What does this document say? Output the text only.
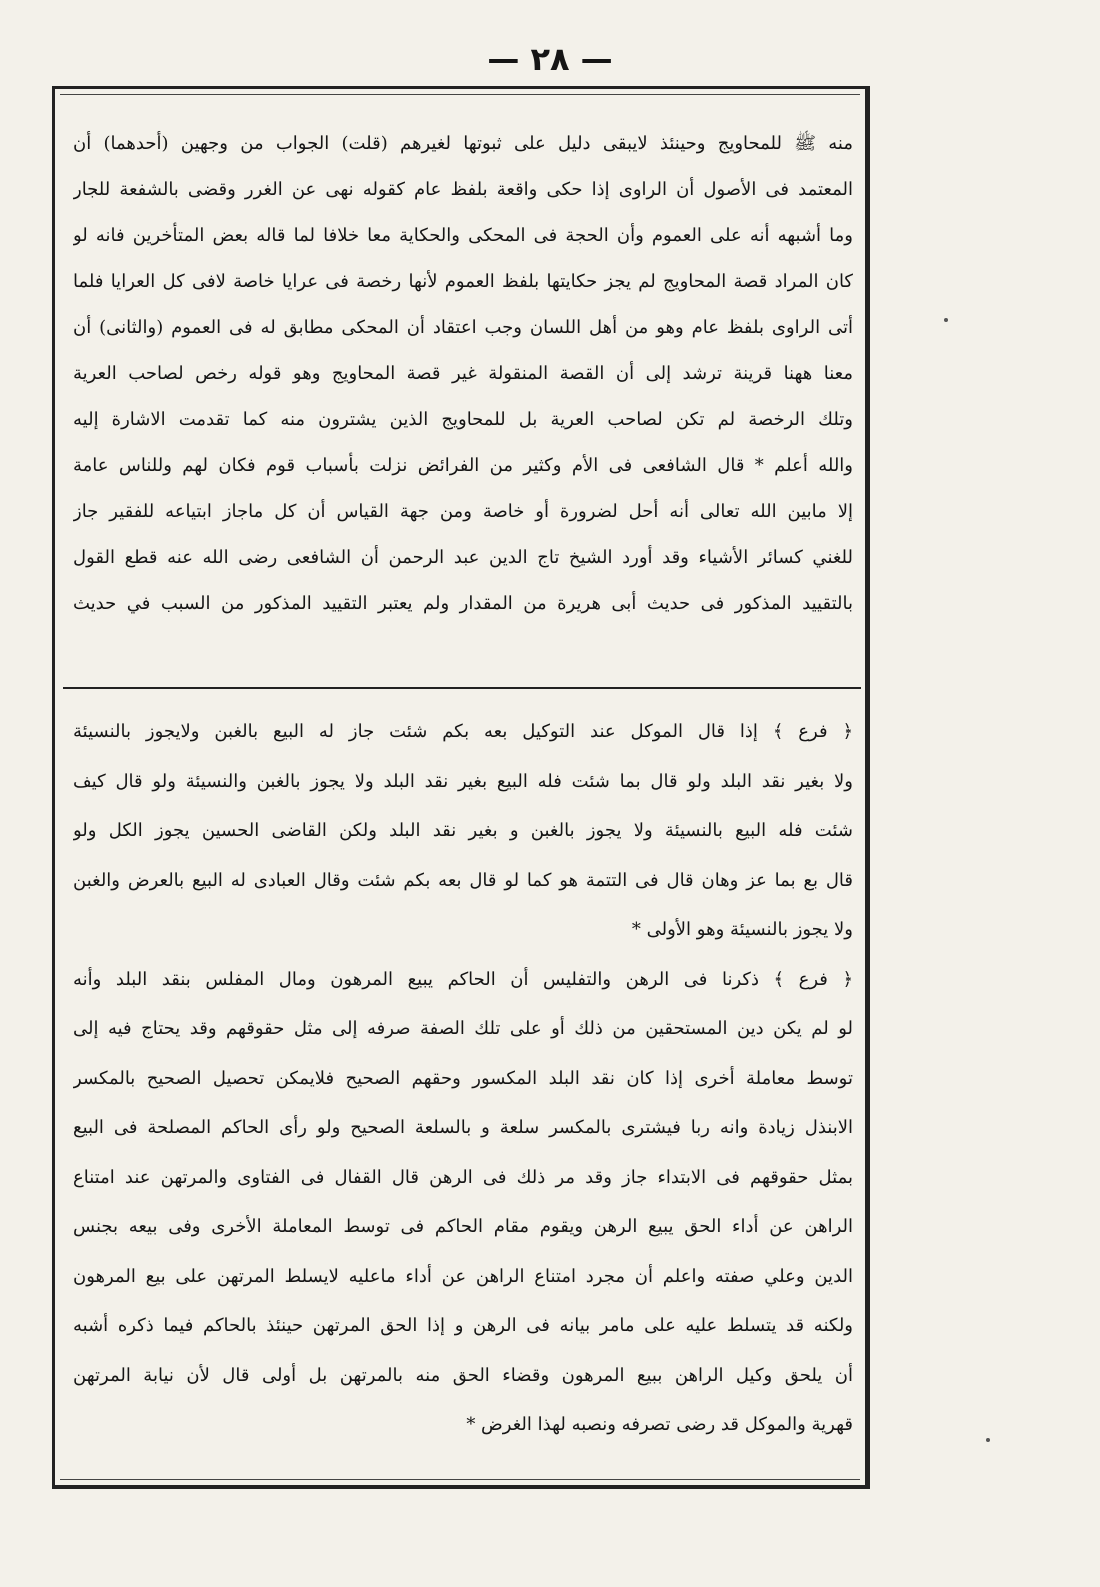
— ٢٨ —
منه ﷺ للمحاويج وحينئذ لايبقى دليل على ثبوتها لغيرهم (قلت) الجواب من وجهين (أحدهما) أن
المعتمد فى الأصول أن الراوى إذا حكى واقعة بلفظ عام كقوله نهى عن الغرر وقضى بالشفعة للجار
وما أشبهه أنه على العموم وأن الحجة فى المحكى والحكاية معا خلافا لما قاله بعض المتأخرين فانه لو
كان المراد قصة المحاويج لم يجز حكايتها بلفظ العموم لأنها رخصة فى عرايا خاصة لافى كل العرايا فلما
أتى الراوى بلفظ عام وهو من أهل اللسان وجب اعتقاد أن المحكى مطابق له فى العموم (والثانى) أن
معنا ههنا قرينة ترشد إلى أن القصة المنقولة غير قصة المحاويج وهو قوله رخص لصاحب العرية
وتلك الرخصة لم تكن لصاحب العرية بل للمحاويج الذين يشترون منه كما تقدمت الاشارة إليه
والله أعلم * قال الشافعى فى الأم وكثير من الفرائض نزلت بأسباب قوم فكان لهم وللناس عامة
إلا مابين الله تعالى أنه أحل لضرورة أو خاصة ومن جهة القياس أن كل ماجاز ابتياعه للفقير جاز
للغني كسائر الأشياء وقد أورد الشيخ تاج الدين عبد الرحمن أن الشافعى رضى الله عنه قطع القول
بالتقييد المذكور فى حديث أبى هريرة من المقدار ولم يعتبر التقييد المذكور من السبب في حديث
﴿ فرع ﴾ إذا قال الموكل عند التوكيل بعه بكم شئت جاز له البيع بالغبن ولايجوز بالنسيئة
ولا بغير نقد البلد ولو قال بما شئت فله البيع بغير نقد البلد ولا يجوز بالغبن والنسيئة ولو قال كيف
شئت فله البيع بالنسيئة ولا يجوز بالغبن و بغير نقد البلد ولكن القاضى الحسين يجوز الكل ولو
قال بع بما عز وهان قال فى التتمة هو كما لو قال بعه بكم شئت وقال العبادى له البيع بالعرض والغبن
ولا يجوز بالنسيئة وهو الأولى *
﴿ فرع ﴾ ذكرنا فى الرهن والتفليس أن الحاكم يبيع المرهون ومال المفلس بنقد البلد وأنه
لو لم يكن دين المستحقين من ذلك أو على تلك الصفة صرفه إلى مثل حقوقهم وقد يحتاج فيه إلى
توسط معاملة أخرى إذا كان نقد البلد المكسور وحقهم الصحيح فلايمكن تحصيل الصحيح بالمكسر
الابنذل زيادة وانه ربا فيشترى بالمكسر سلعة و بالسلعة الصحيح ولو رأى الحاكم المصلحة فى البيع
بمثل حقوقهم فى الابتداء جاز وقد مر ذلك فى الرهن قال القفال فى الفتاوى والمرتهن عند امتناع
الراهن عن أداء الحق يبيع الرهن ويقوم مقام الحاكم فى توسط المعاملة الأخرى وفى بيعه بجنس
الدين وعلي صفته واعلم أن مجرد امتناع الراهن عن أداء ماعليه لايسلط المرتهن على بيع المرهون
ولكنه قد يتسلط عليه على مامر بيانه فى الرهن و إذا الحق المرتهن حينئذ بالحاكم فيما ذكره أشبه
أن يلحق وكيل الراهن ببيع المرهون وقضاء الحق منه بالمرتهن بل أولى قال لأن نيابة المرتهن
قهرية والموكل قد رضى تصرفه ونصبه لهذا الغرض *
